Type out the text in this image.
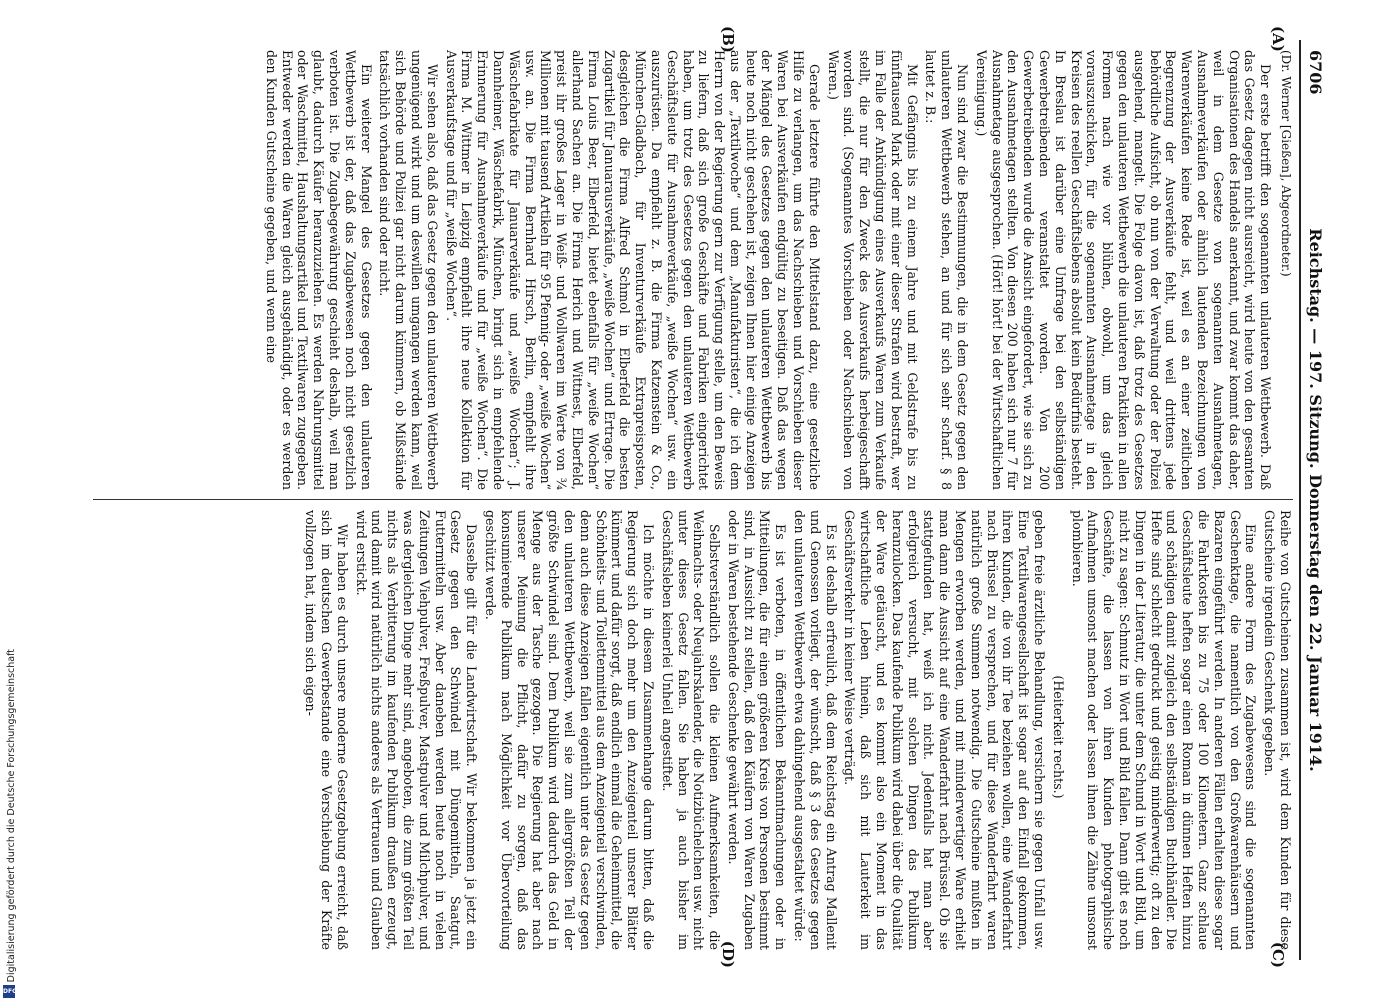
6706
Reichstag. — 197. Sitzung. Donnerstag den 22. Januar 1914.
(A)
(B)
(C)
(D)
(Dr. Werner [Gießen], Abgeordneter.)

Der erste betrifft den sogenannten unlauteren Wettbewerb. Daß das Gesetz dagegen nicht ausreicht, wird heute von den gesamten Organisationen des Handels anerkannt, und zwar kommt das daher, weil in dem Gesetze von sogenannten Ausnahmetagen, Ausnahmeverkäufen oder ähnlich lautenden Bezeichnungen von Warenverkäufen keine Rede ist, weil es an einer zeitlichen Begrenzung der Ausverkäufe fehlt, und weil drittens jede behördliche Aufsicht, ob nun von der Verwaltung oder der Polizei ausgehend, mangelt. Die Folge davon ist, daß trotz des Gesetzes gegen den unlauteren Wettbewerb die unlauteren Praktiken in allen Formen nach wie vor blühen, obwohl, um das gleich vorauszuschicken, für die sogenannten Ausnahmetage in den Kreisen des reellen Geschäftslebens absolut kein Bedürfnis besteht. In Breslau ist darüber eine Umfrage bei den selbständigen Gewerbetreibenden veranstaltet worden. Von 200 Gewerbetreibenden wurde die Ansicht eingefordert, wie sie sich zu den Ausnahmetagen stellten. Von diesen 200 haben sich nur 7 für Ausnahmetage ausgesprochen. (Hört! hört! bei der Wirtschaftlichen Vereinigung.)

Nun sind zwar die Bestimmungen, die in dem Gesetz gegen den unlauteren Wettbewerb stehen, an und für sich sehr scharf. § 8 lautet z. B.:

Mit Gefängnis bis zu einem Jahre und mit Geldstrafe bis zu fünftausend Mark oder mit einer dieser Strafen wird bestraft, wer im Falle der Ankündigung eines Ausverkaufs Waren zum Verkaufe stellt, die nur für den Zweck des Ausverkaufs herbeigeschafft worden sind. (Sogenanntes Vorschieben oder Nachschieben von Waren.)

Gerade letztere führte den Mittelstand dazu, eine gesetzliche Hilfe zu verlangen, um das Nachschieben und Vorschieben dieser Waren bei Ausverkäufen endgültig zu beseitigen. Daß das wegen der Mängel des Gesetzes gegen den unlauteren Wettbewerb bis heute noch nicht geschehen ist, zeigen Ihnen hier einige Anzeigen aus der „Textilwoche“ und dem „Manufakturisten“, die ich dem Herrn von der Regierung gern zur Verfügung stelle, um den Beweis zu liefern, daß sich große Geschäfte und Fabriken eingerichtet haben, um trotz des Gesetzes gegen den unlauteren Wettbewerb Geschäftsleute für Ausnahmeverkäufe, „weiße Wochen“ usw. ein auszurüsten. Da empfiehlt z. B. die Firma Katzenstein & Co., München-Gladbach, für Inventurverkäufe Extrapreisposten, desgleichen die Firma Alfred Schmol in Elberfeld die besten Zugartikel für Januarausverkäufe, „weiße Wochen“ und Ertrage. Die Firma Louis Beer, Elberfeld, bietet ebenfalls für „weiße Wochen“ allerhand Sachen an. Die Firma Herich und Wittnest, Elberfeld, preist ihr großes Lager in Weiß- und Wollwaren im Werte von ¾ Millionen mit tausend Artikeln für 95 Pfennig- oder „weiße Wochen“ usw. an. Die Firma Bernhard Hirsch, Berlin, empfiehlt ihre Wäschefabrikate für Januarverkäufe und „weiße Wochen“; J. Dannheimer, Wäschefabrik, München, bringt sich in empfehlende Erinnerung für Ausnahmeverkäufe und für „weiße Wochen“. Die Firma M. Wittmer in Leipzig empfiehlt ihre neue Kollektion für Ausverkaufstage und für „weiße Wochen“.

Wir sehen also, daß das Gesetz gegen den unlauteren Wettbewerb ungenügend wirkt und um deswillen umgangen werden kann, weil sich Behörde und Polizei gar nicht darum kümmern, ob Mißstände tatsächlich vorhanden sind oder nicht.

Ein weiterer Mangel des Gesetzes gegen den unlauteren Wettbewerb ist der, daß das Zugabewesen noch nicht gesetzlich verboten ist. Die Zugabegewährung geschieht deshalb, weil man glaubt, dadurch Käufer heranzuziehen. Es werden Nahrungsmittel oder Waschmittel, Haushaltungsartikel und Textilwaren zugegeben. Entweder werden die Waren gleich ausgehändigt, oder es werden den Kunden Gutscheine gegeben, und wenn eine

Reihe von Gutscheinen zusammen ist, wird dem Kunden für diese Gutscheine irgendein Geschenk gegeben.

Eine andere Form des Zugabewesens sind die sogenannten Geschenktage, die namentlich von den Großwarenhäusern und Bazaren eingeführt werden. In anderen Fällen erhalten diese sogar die Fahrtkosten bis zu 75 oder 100 Kilometern. Ganz schlaue Geschäftsleute heften sogar einen Roman in dünnen Heften hinzu und schädigen damit zugleich den selbständigen Buchhändler. Die Hefte sind schlecht gedruckt und geistig minderwertig; oft zu den Dingen in der Literatur, die unter dem Schund in Wort und Bild, um nicht zu sagen: Schmutz in Wort und Bild fallen. Dann gibt es noch Geschäfte, die lassen von ihren Kunden photographische Aufnahmen umsonst machen oder lassen ihnen die Zähne umsonst plombieren.

(Heiterkeit rechts.)

geben freie ärztliche Behandlung, versichern sie gegen Unfall usw. Eine Textilwarengesellschaft ist sogar auf den Einfall gekommen, ihren Kunden, die von ihr Tee beziehen wollen, eine Wanderfahrt nach Brüssel zu versprechen, und für diese Wanderfahrt waren natürlich große Summen notwendig. Die Gutscheine mußten in Mengen erworben werden, und mit minderwertiger Ware erhielt man dann die Aussicht auf eine Wanderfahrt nach Brüssel. Ob sie stattgefunden hat, weiß ich nicht. Jedenfalls hat man aber erfolgreich versucht, mit solchen Dingen das Publikum heranzulocken. Das kaufende Publikum wird dabei über die Qualität der Ware getäuscht, und es kommt also ein Moment in das wirtschaftliche Leben hinein, daß sich mit Lauterkeit im Geschäftsverkehr in keiner Weise verträgt.

Es ist deshalb erfreulich, daß dem Reichstag ein Antrag Mallenit und Genossen vorliegt, der wünscht, daß § 3 des Gesetzes gegen den unlauteren Wettbewerb etwa dahingehend ausgestaltet würde:

Es ist verboten, in öffentlichen Bekanntmachungen oder in Mitteilungen, die für einen größeren Kreis von Personen bestimmt sind, in Aussicht zu stellen, daß den Käufern von Waren Zugaben oder in Waren bestehende Geschenke gewährt werden.

Selbstverständlich sollen die kleinen Aufmerksamkeiten, die Weihnachts- oder Neujahrskalender, die Notizbüchelchen usw. nicht unter dieses Gesetz fallen. Sie haben ja auch bisher im Geschäftsleben keinerlei Unheil angestiftet.

Ich möchte in diesem Zusammenhange darum bitten, daß die Regierung sich doch mehr um den Anzeigenteil unserer Blätter kümmert und dafür sorgt, daß endlich einmal die Geheimmittel, die Schönheits- und Toilettenmittel aus dem Anzeigenteil verschwinden, denn auch diese Anzeigen fallen eigentlich unter das Gesetz gegen den unlauteren Wettbewerb, weil sie zum allergrößten Teil der größte Schwindel sind. Dem Publikum wird dadurch das Geld in Menge aus der Tasche gezogen. Die Regierung hat aber nach unserer Meinung die Pflicht, dafür zu sorgen, daß das konsumierende Publikum nach Möglichkeit vor Übervorteilung geschützt werde.

Dasselbe gilt für die Landwirtschaft. Wir bekommen ja jetzt ein Gesetz gegen den Schwindel mit Düngemitteln, Saatgut, Futtermitteln usw. Aber daneben werden heute noch in vielen Zeitungen Viehpulver, Freßpulver, Mastpulver und Milchpulver, und was dergleichen Dinge mehr sind, angeboten, die zum größten Teil nichts als Verbitterung im kaufenden Publikum draußen erzeugt, und damit wird natürlich nichts anderes als Vertrauen und Glauben wird erstickt.

Wir haben es durch unsere moderne Gesetzgebung erreicht, daß sich im deutschen Gewerbestande eine Verschiebung der Kräfte vollzogen hat, indem sich eigen-

Digitalisierung gefördert durch die Deutsche Forschungsgemeinschaft
DFG
